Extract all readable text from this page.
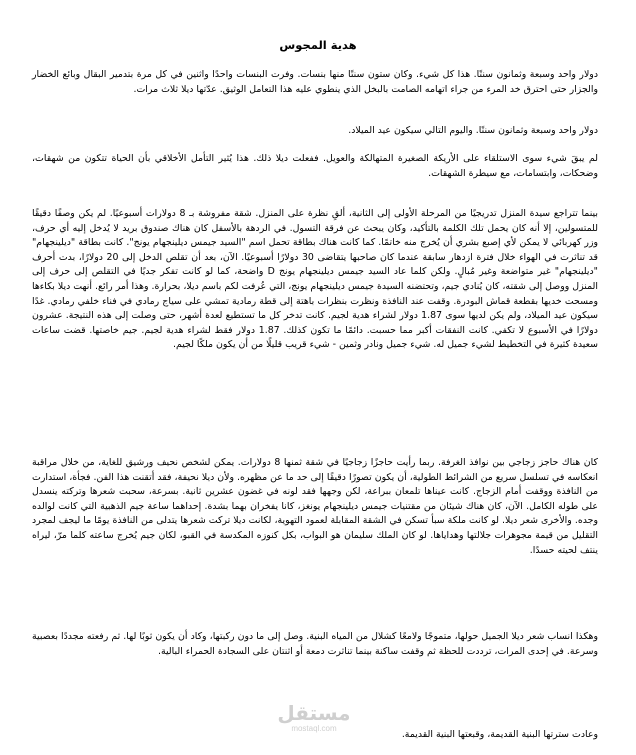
هدية المجوس

دولار واحد وسبعة وثمانون سنتًا. هذا كل شيء. وكان ستون سنتًا منها بنسات. وفرت البنسات واحدًا واثنين في كل مرة بتدمير البقال وبائع الخضار والجزار حتى احترق خد المرء من جراء اتهامه الصامت بالبخل الذي ينطوي عليه هذا التعامل الوثيق. عدّتها ديلا ثلاث مرات.

دولار واحد وسبعة وثمانون سنتًا. واليوم التالي سيكون عيد الميلاد.

لم يبقَ شيء سوى الاستلقاء على الأريكة الصغيرة المتهالكة والعويل. ففعلت ديلا ذلك. هذا يُثير التأمل الأخلاقي بأن الحياة تتكون من شهقات، وضحكات، وابتسامات، مع سيطرة الشهقات.

بينما تتراجع سيدة المنزل تدريجيًا من المرحلة الأولى إلى الثانية، ألقِ نظرة على المنزل. شقة مفروشة بـ 8 دولارات أسبوعيًا. لم يكن وصفًا دقيقًا للمتسولين، إلا أنه كان يحمل تلك الكلمة بالتأكيد، وكان يبحث عن فرقة التسول. في الردهة بالأسفل كان هناك صندوق بريد لا يُدخل إليه أي حرف، وزر كهربائي لا يمكن لأي إصبع بشري أن يُخرج منه خاتمًا. كما كانت هناك بطاقة تحمل اسم "السيد جيمس ديلينجهام يونج". كانت بطاقة "ديلينجهام" قد تناثرت في الهواء خلال فترة ازدهار سابقة عندما كان صاحبها يتقاضى 30 دولارًا أسبوعيًا. الآن، بعد أن تقلص الدخل إلى 20 دولارًا، بدت أحرف "ديلينجهام" غير متواضعة وغير مُبالٍ. ولكن كلما عاد السيد جيمس ديلينجهام يونج D واضحة، كما لو كانت تفكر جديًا في التقلص إلى حرف إلى المنزل ووصل إلى شقته، كان يُنادي جيم، وتحتضنه السيدة جيمس ديلينجهام يونج، التي عُرفت لكم باسم ديلا، بحرارة. وهذا أمر رائع. أنهت ديلا بكاءها ومسحت خديها بقطعة قماش البودرة. وقفت عند النافذة ونظرت بنظرات باهتة إلى قطة رمادية تمشي على سياج رمادي في فناء خلفي رمادي. غدًا سيكون عيد الميلاد، ولم يكن لديها سوى 1.87 دولار لشراء هدية لجيم. كانت تدخر كل ما تستطيع لعدة أشهر، حتى وصلت إلى هذه النتيجة. عشرون دولارًا في الأسبوع لا تكفي. كانت النفقات أكبر مما حسبت. دائمًا ما تكون كذلك. 1.87 دولار فقط لشراء هدية لجيم. جيم خاصتها. قضت ساعات سعيدة كثيرة في التخطيط لشيء جميل له. شيء جميل ونادر وثمين - شيء قريب قليلًا من أن يكون ملكًا لجيم.

كان هناك حاجز زجاجي بين نوافذ الغرفة. ربما رأيت حاجزًا زجاجيًا في شقة ثمنها 8 دولارات. يمكن لشخص نحيف ورشيق للغاية، من خلال مراقبة انعكاسه في تسلسل سريع من الشرائط الطولية، أن يكون تصورًا دقيقًا إلى حد ما عن مظهره. ولأن ديلا نحيفة، فقد أتقنت هذا الفن. فجأة، استدارت من النافذة ووقفت أمام الزجاج. كانت عيناها تلمعان ببراعة، لكن وجهها فقد لونه في غضون عشرين ثانية. بسرعة، سحبت شعرها وتركته ينسدل على طوله الكامل. الآن، كان هناك شيئان من مقتنيات جيمس ديلينجهام يونغز، كانا يفخران بهما بشدة. إحداهما ساعة جيم الذهبية التي كانت لوالده وجده. والأخرى شعر ديلا. لو كانت ملكة سبأ تسكن في الشقة المقابلة لعمود التهوية، لكانت ديلا تركت شعرها يتدلى من النافذة يومًا ما ليجف لمجرد التقليل من قيمة مجوهرات جلالتها وهداياها. لو كان الملك سليمان هو البواب، بكل كنوزه المكدسة في القبو، لكان جيم يُخرج ساعته كلما مرّ، ليراه ينتف لحيته حسدًا.

وهكذا انساب شعر ديلا الجميل حولها، متموجًا ولامعًا كشلال من المياه البنية. وصل إلى ما دون ركبتها، وكاد أن يكون ثوبًا لها. ثم رفعته مجددًا بعصبية وسرعة. في إحدى المرات، ترددت للحظة ثم وقفت ساكنة بينما تناثرت دمعة أو اثنتان على السجادة الحمراء البالية.

وعادت سترتها البنية القديمة، وقبعتها البنية القديمة.

مستقل
mostaql.com
